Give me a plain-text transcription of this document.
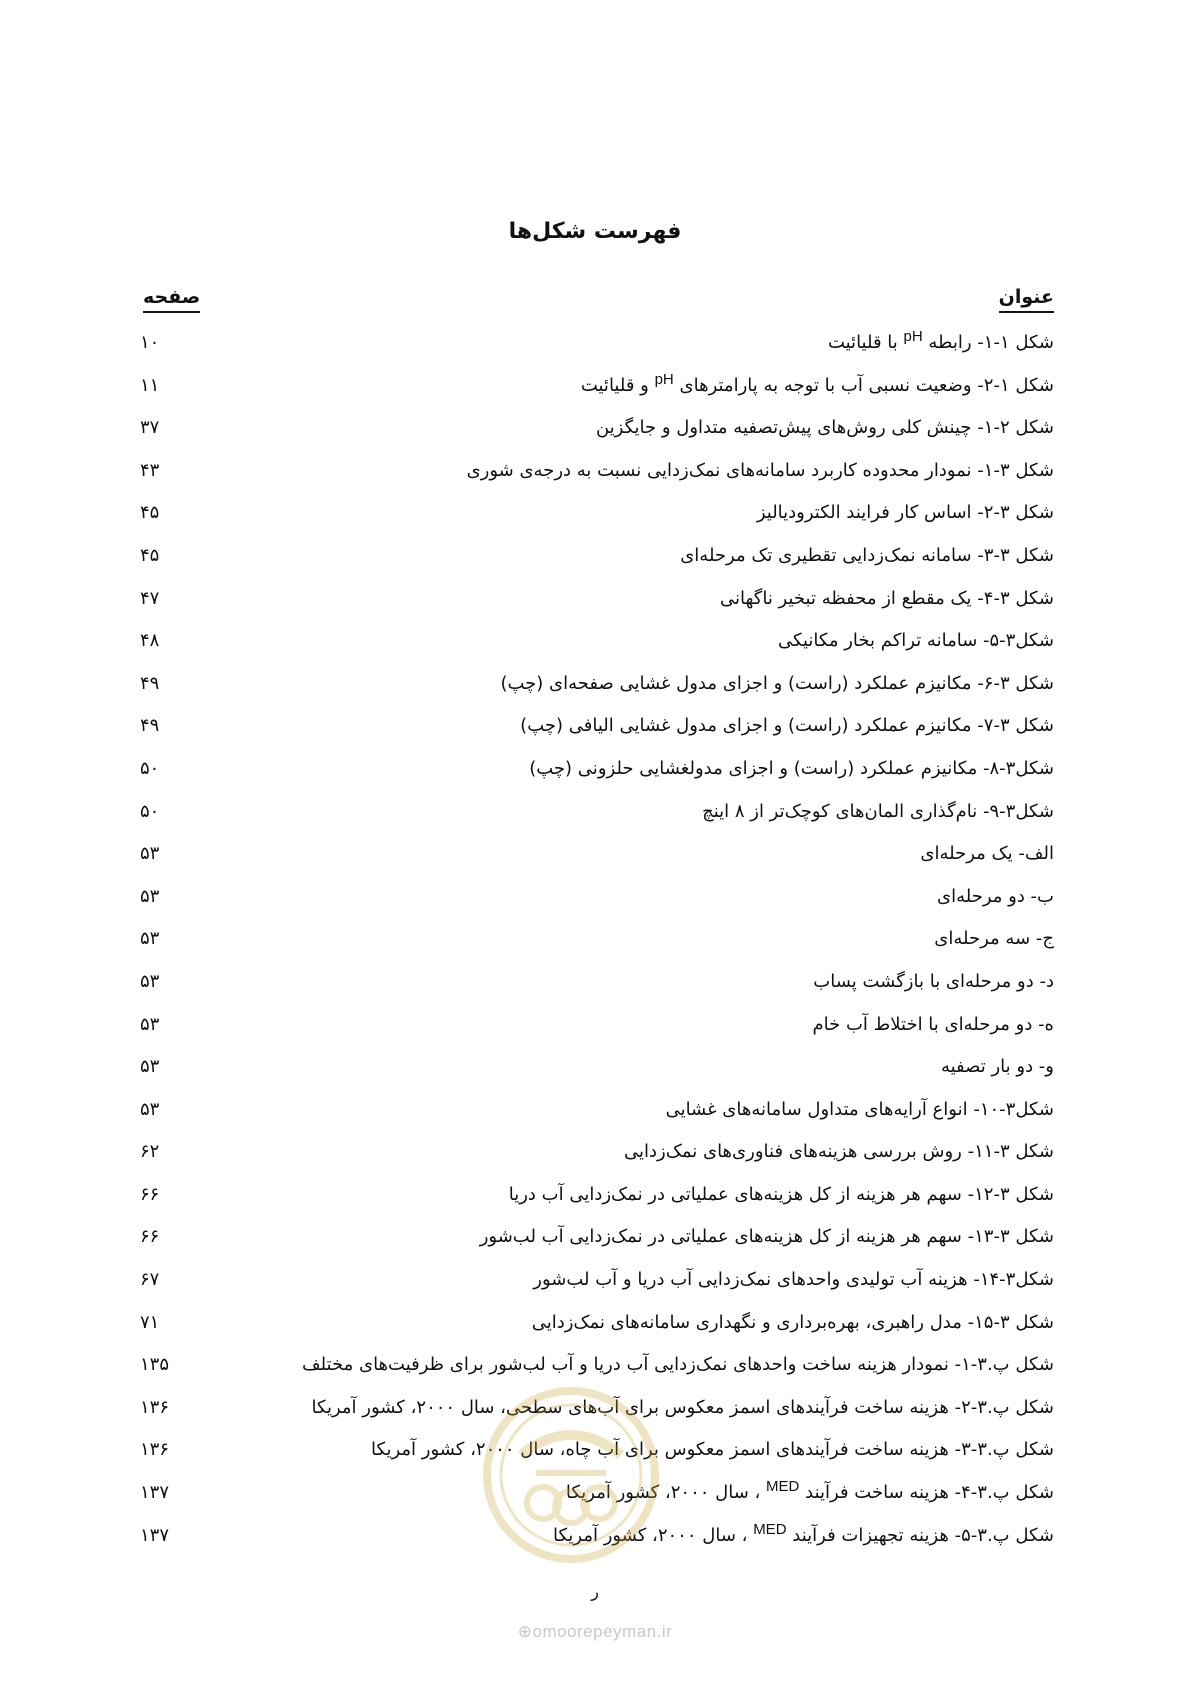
فهرست شکل‌ها
عنوان
صفحه
شکل ۱-۱- رابطه $^{pH}$ با قلیائیت
۱۰
شکل ۱-۲- وضعیت نسبی آب با توجه به پارامترهای $^{pH}$ و قلیائیت
۱۱
شکل ۲-۱- چینش کلی روش‌های پیش‌تصفیه متداول و جایگزین
۳۷
شکل ۳-۱- نمودار محدوده کاربرد سامانه‌های نمک‌زدایی نسبت به درجه‌ی شوری
۴۳
شکل ۳-۲- اساس کار فرایند الکترودیالیز
۴۵
شکل ۳-۳- سامانه نمک‌زدایی تقطیری تک مرحله‌ای
۴۵
شکل ۳-۴- یک مقطع از محفظه تبخیر ناگهانی
۴۷
شکل۳-۵- سامانه تراکم بخار مکانیکی
۴۸
شکل ۳-۶- مکانیزم عملکرد (راست) و اجزای مدول غشایی صفحه‌ای (چپ)
۴۹
شکل ۳-۷- مکانیزم عملکرد (راست) و اجزای مدول غشایی الیافی (چپ)
۴۹
شکل۳-۸- مکانیزم عملکرد (راست) و اجزای مدولغشایی حلزونی (چپ)
۵۰
شکل۳-۹- نام‌گذاری المان‌های کوچک‌تر از ۸ اینچ
۵۰
الف- یک مرحله‌ای
۵۳
ب- دو مرحله‌ای
۵۳
ج- سه مرحله‌ای
۵۳
د- دو مرحله‌ای با بازگشت پساب
۵۳
ه- دو مرحله‌ای با اختلاط آب خام
۵۳
و- دو بار تصفیه
۵۳
شکل۳-۱۰- انواع آرایه‌های متداول سامانه‌های غشایی
۵۳
شکل ۳-۱۱- روش بررسی هزینه‌های فناوری‌های نمک‌زدایی
۶۲
شکل ۳-۱۲- سهم هر هزینه از کل هزینه‌های عملیاتی در نمک‌زدایی آب دریا
۶۶
شکل ۳-۱۳- سهم هر هزینه از کل هزینه‌های عملیاتی در نمک‌زدایی آب لب‌شور
۶۶
شکل۳-۱۴- هزینه آب تولیدی واحدهای نمک‌زدایی آب دریا و آب لب‌شور
۶۷
شکل ۳-۱۵- مدل راهبری، بهره‌برداری و نگهداری سامانه‌های نمک‌زدایی
۷۱
شکل پ.۳-۱- نمودار هزینه ساخت واحدهای نمک‌زدایی آب دریا و آب لب‌شور برای ظرفیت‌های مختلف
۱۳۵
شکل پ.۳-۲- هزینه ساخت فرآیندهای اسمز معکوس برای آب‌های سطحی، سال ۲۰۰۰، کشور آمریکا
۱۳۶
شکل پ.۳-۳- هزینه ساخت فرآیندهای اسمز معکوس برای آب چاه، سال ۲۰۰۰، کشور آمریکا
۱۳۶
شکل پ.۳-۴- هزینه ساخت فرآیند $^{MED}$ ، سال ۲۰۰۰، کشور آمریکا
۱۳۷
شکل پ.۳-۵- هزینه تجهیزات فرآیند $^{MED}$ ، سال ۲۰۰۰، کشور آمریکا
۱۳۷
ر
⊕omoorepeyman.ir
